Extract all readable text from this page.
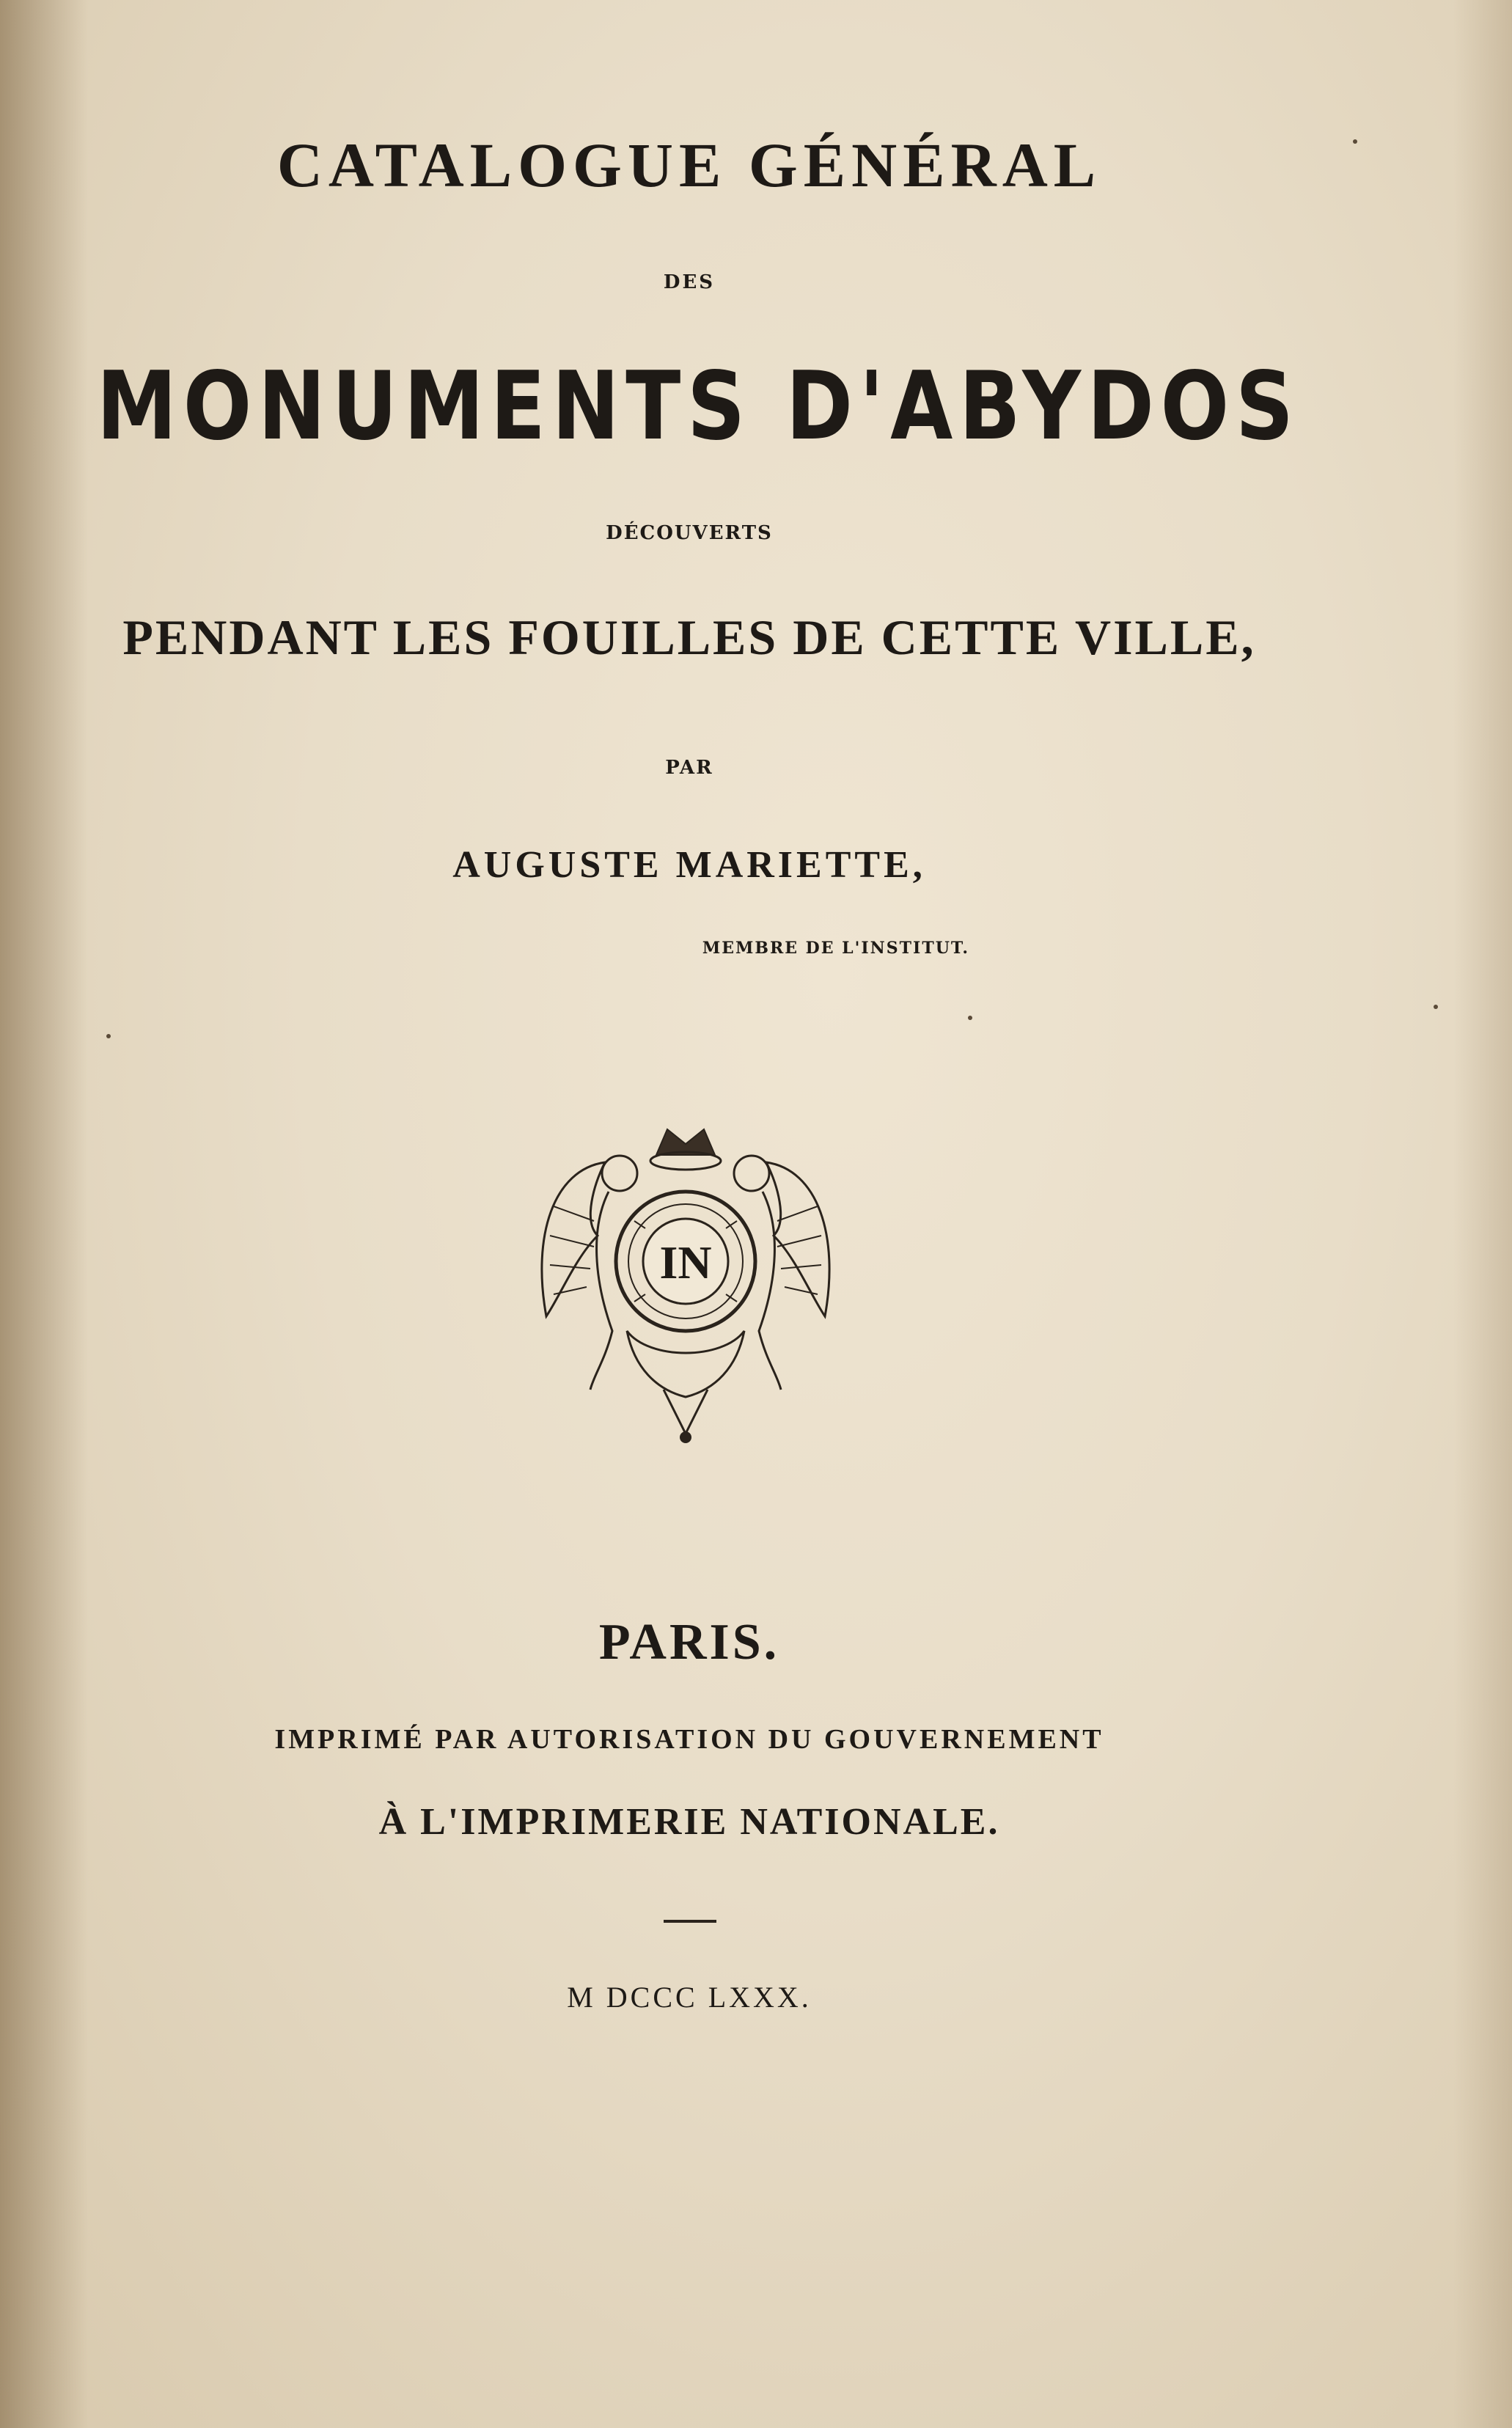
CATALOGUE GÉNÉRAL
DES
MONUMENTS D'ABYDOS
DÉCOUVERTS
PENDANT LES FOUILLES DE CETTE VILLE,
PAR
AUGUSTE MARIETTE,
MEMBRE DE L'INSTITUT.
IN
PARIS.
IMPRIMÉ PAR AUTORISATION DU GOUVERNEMENT
À L'IMPRIMERIE NATIONALE.
M DCCC LXXX.
